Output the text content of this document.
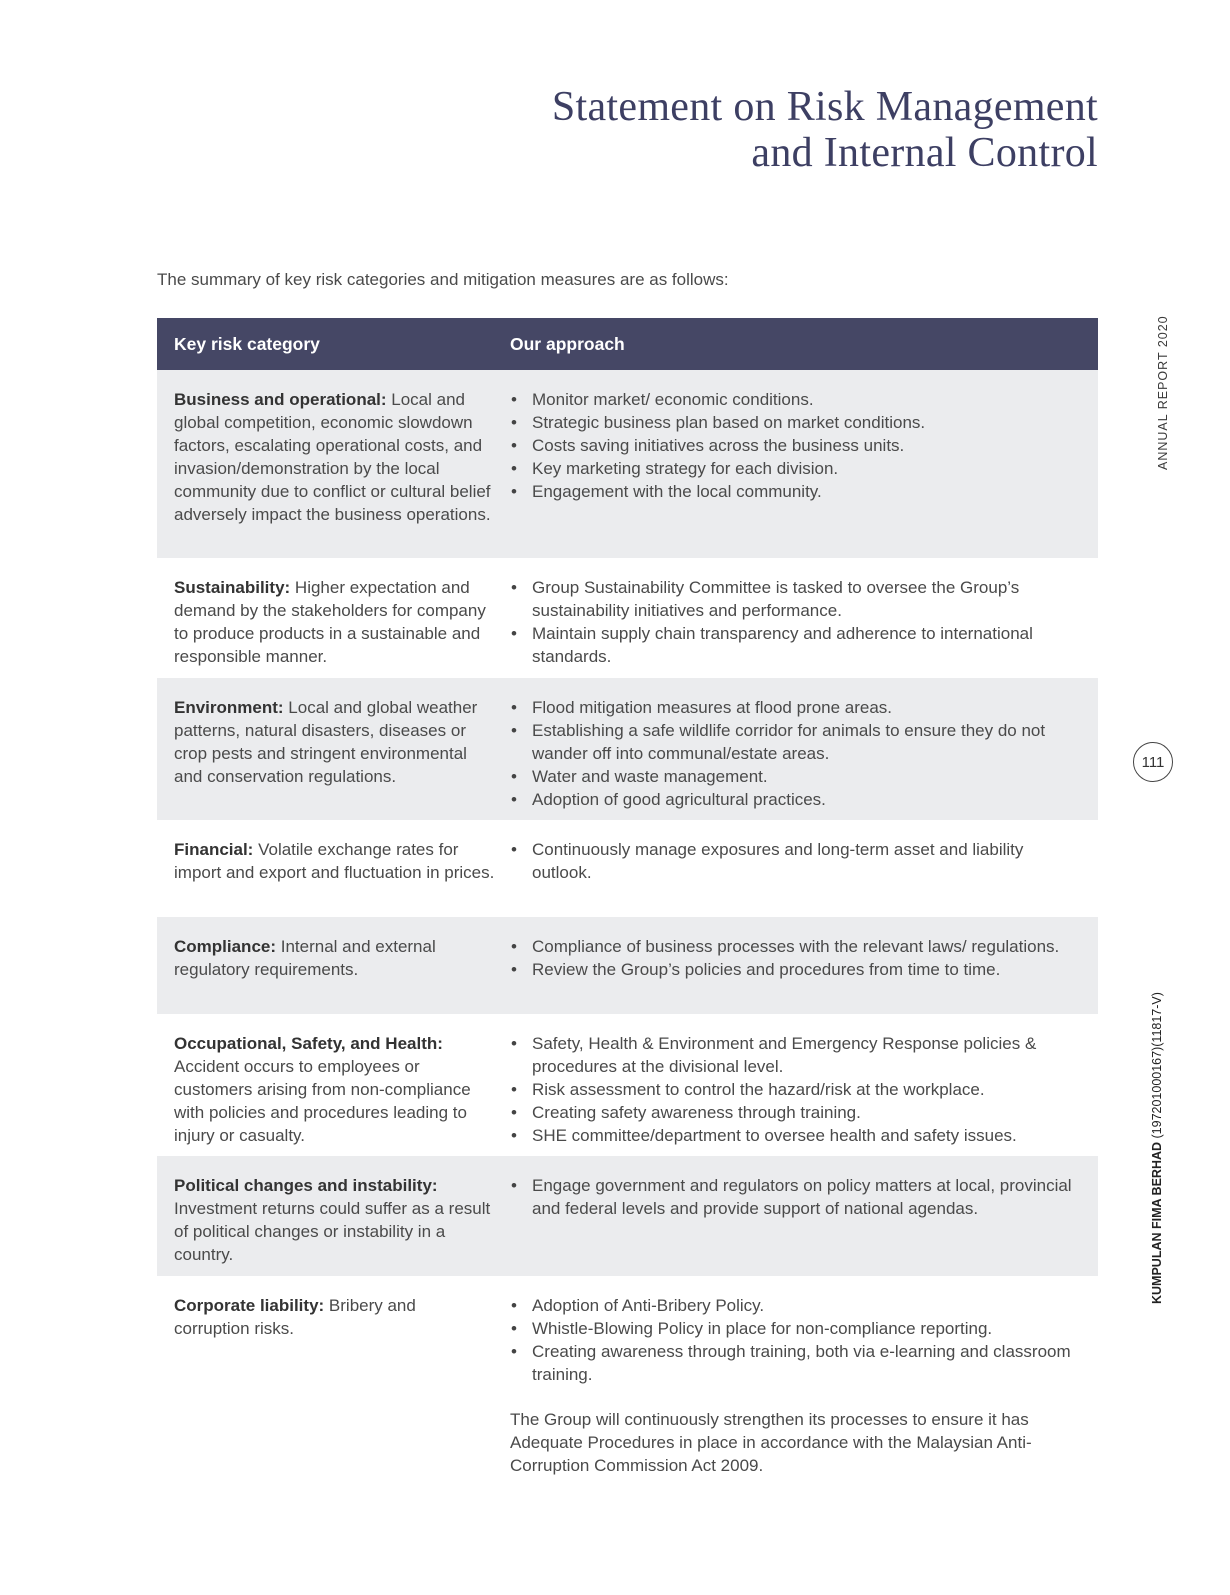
Statement on Risk Management
and Internal Control

The summary of key risk categories and mitigation measures are as follows:

Key risk category	Our approach
Business and operational: Local and global competition, economic slowdown factors, escalating operational costs, and invasion/demonstration by the local community due to conflict or cultural belief adversely impact the business operations.
• Monitor market/ economic conditions.
• Strategic business plan based on market conditions.
• Costs saving initiatives across the business units.
• Key marketing strategy for each division.
• Engagement with the local community.
Sustainability: Higher expectation and demand by the stakeholders for company to produce products in a sustainable and responsible manner.
• Group Sustainability Committee is tasked to oversee the Group’s sustainability initiatives and performance.
• Maintain supply chain transparency and adherence to international standards.
Environment: Local and global weather patterns, natural disasters, diseases or crop pests and stringent environmental and conservation regulations.
• Flood mitigation measures at flood prone areas.
• Establishing a safe wildlife corridor for animals to ensure they do not wander off into communal/estate areas.
• Water and waste management.
• Adoption of good agricultural practices.
Financial: Volatile exchange rates for import and export and fluctuation in prices.
• Continuously manage exposures and long-term asset and liability outlook.
Compliance: Internal and external regulatory requirements.
• Compliance of business processes with the relevant laws/ regulations.
• Review the Group’s policies and procedures from time to time.
Occupational, Safety, and Health: Accident occurs to employees or customers arising from non-compliance with policies and procedures leading to injury or casualty.
• Safety, Health & Environment and Emergency Response policies & procedures at the divisional level.
• Risk assessment to control the hazard/risk at the workplace.
• Creating safety awareness through training.
• SHE committee/department to oversee health and safety issues.
Political changes and instability: Investment returns could suffer as a result of political changes or instability in a country.
• Engage government and regulators on policy matters at local, provincial and federal levels and provide support of national agendas.
Corporate liability: Bribery and corruption risks.
• Adoption of Anti-Bribery Policy.
• Whistle-Blowing Policy in place for non-compliance reporting.
• Creating awareness through training, both via e-learning and classroom training.

The Group will continuously strengthen its processes to ensure it has Adequate Procedures in place in accordance with the Malaysian Anti-Corruption Commission Act 2009.

ANNUAL REPORT 2020
111
KUMPULAN FIMA BERHAD (197201000167)(11817-V)
